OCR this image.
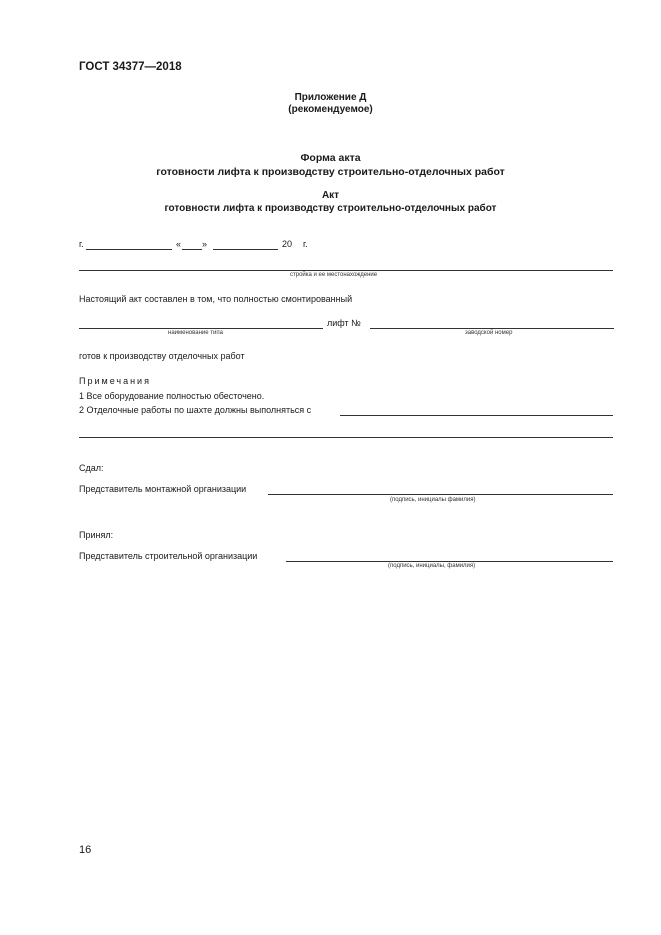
ГОСТ 34377—2018
Приложение Д
(рекомендуемое)
Форма акта
готовности лифта к производству строительно-отделочных работ
Акт
готовности лифта к производству строительно-отделочных работ
г.	« »	20 г.
стройка и ее местонахождение
Настоящий акт составлен в том, что полностью смонтированный
лифт №
наименование типа	заводской номер
готов к производству отделочных работ
Примечания
1 Все оборудование полностью обесточено.
2 Отделочные работы по шахте должны выполняться с
Сдал:
Представитель монтажной организации
(подпись, инициалы фамилия)
Принял:
Представитель строительной организации
(подпись, инициалы, фамилия)
16
